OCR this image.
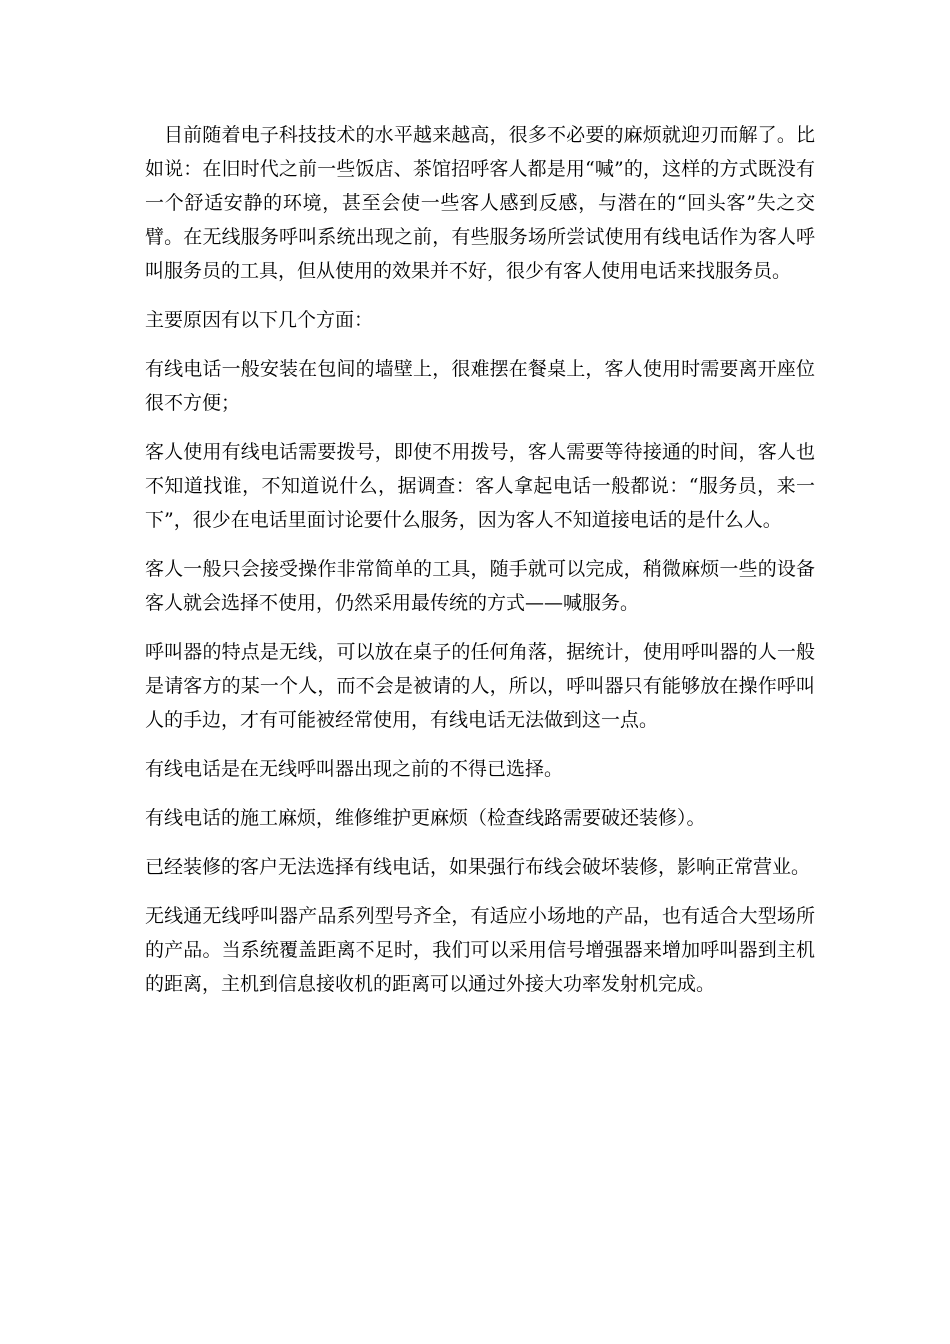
目前随着电子科技技术的水平越来越高，很多不必要的麻烦就迎刃而解了。比如说：在旧时代之前一些饭店、茶馆招呼客人都是用“喊”的，这样的方式既没有一个舒适安静的环境，甚至会使一些客人感到反感，与潜在的“回头客”失之交臂。在无线服务呼叫系统出现之前，有些服务场所尝试使用有线电话作为客人呼叫服务员的工具，但从使用的效果并不好，很少有客人使用电话来找服务员。

主要原因有以下几个方面：

有线电话一般安装在包间的墙壁上，很难摆在餐桌上，客人使用时需要离开座位很不方便；

客人使用有线电话需要拨号，即使不用拨号，客人需要等待接通的时间，客人也不知道找谁，不知道说什么，据调查：客人拿起电话一般都说：“服务员，来一下”，很少在电话里面讨论要什么服务，因为客人不知道接电话的是什么人。

客人一般只会接受操作非常简单的工具，随手就可以完成，稍微麻烦一些的设备客人就会选择不使用，仍然采用最传统的方式——喊服务。

呼叫器的特点是无线，可以放在桌子的任何角落，据统计，使用呼叫器的人一般是请客方的某一个人，而不会是被请的人，所以，呼叫器只有能够放在操作呼叫人的手边，才有可能被经常使用，有线电话无法做到这一点。

有线电话是在无线呼叫器出现之前的不得已选择。

有线电话的施工麻烦，维修维护更麻烦（检查线路需要破还装修）。

已经装修的客户无法选择有线电话，如果强行布线会破坏装修，影响正常营业。

无线通无线呼叫器产品系列型号齐全，有适应小场地的产品，也有适合大型场所的产品。当系统覆盖距离不足时，我们可以采用信号增强器来增加呼叫器到主机的距离，主机到信息接收机的距离可以通过外接大功率发射机完成。
